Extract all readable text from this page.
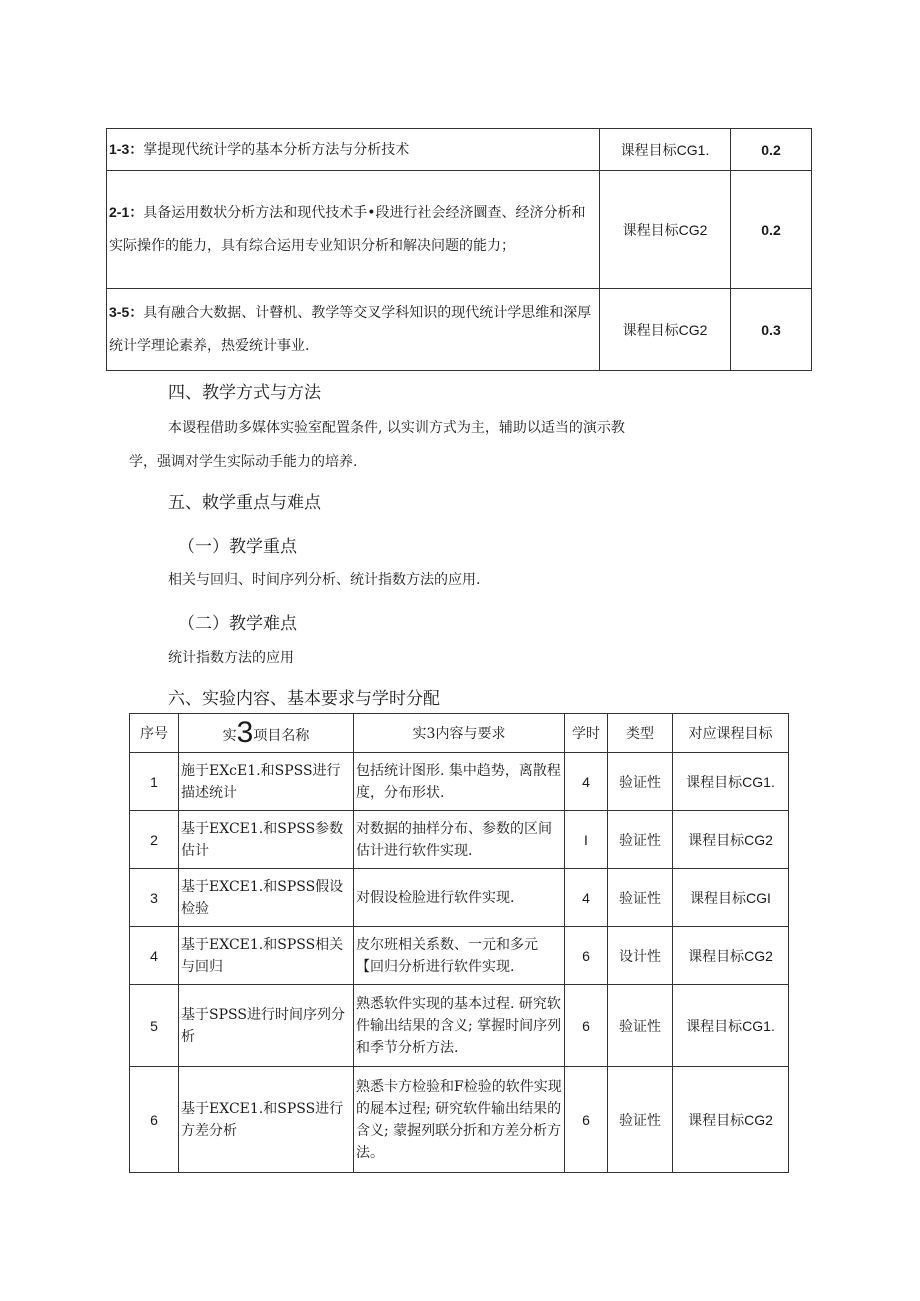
1-3：掌提现代统计学的基本分析方法与分析技术	课程目标CG1.	0.2
2-1：具备运用数状分析方法和现代技术手•段进行社会经济圜查、经济分析和实际操作的能力，具有综合运用专业知识分析和解决问题的能力；	课程目标CG2	0.2
3-5：具有融合大数据、计瞽机、教学等交叉学科知识的现代统计学思维和深厚统计学理论素养，热爱统计事业.	课程目标CG2	0.3
四、教学方式与方法
本谡程借助多媒体实验室配置条件, 以实训方式为主，辅助以适当的演示教
学，强调对学生实际动手能力的培养.
五、敕学重点与难点
（一）教学重点
相关与回归、时间序列分析、统计指数方法的应用.
（二）教学难点
统计指数方法的应用
六、实验内容、基本要求与学时分配
序号	实3项目名称	实3内容与要求	学时	类型	对应课程目标
1	施于EXcE1.和SPSS进行描述统计	包括统计图形. 集中趋势，离散程度，分布形状.	4	验证性	课程目标CG1.
2	基于EXCE1.和SPSS参数估计	对数据的抽样分布、参数的区间估计进行软件实现.	I	验证性	课程目标CG2
3	基于EXCE1.和SPSS假设检验	对假设检脸进行软件实现.	4	验证性	课程目标CGI
4	基于EXCE1.和SPSS相关与回归	皮尔班相关系数、一元和多元【回归分析进行软件实现.	6	设计性	课程目标CG2
5	基于SPSS进行时间序列分析	熟悉软件实现的基本过程. 研究软件输出结果的含义; 掌握时间序列和季节分析方法.	6	验证性	课程目标CG1.
6	基于EXCE1.和SPSS进行方差分析	熟悉卡方检验和F检验的软件实现的屣本过程; 研究软件输出结果的含义; 蒙握列联分折和方差分析方法。	6	验证性	课程目标CG2
